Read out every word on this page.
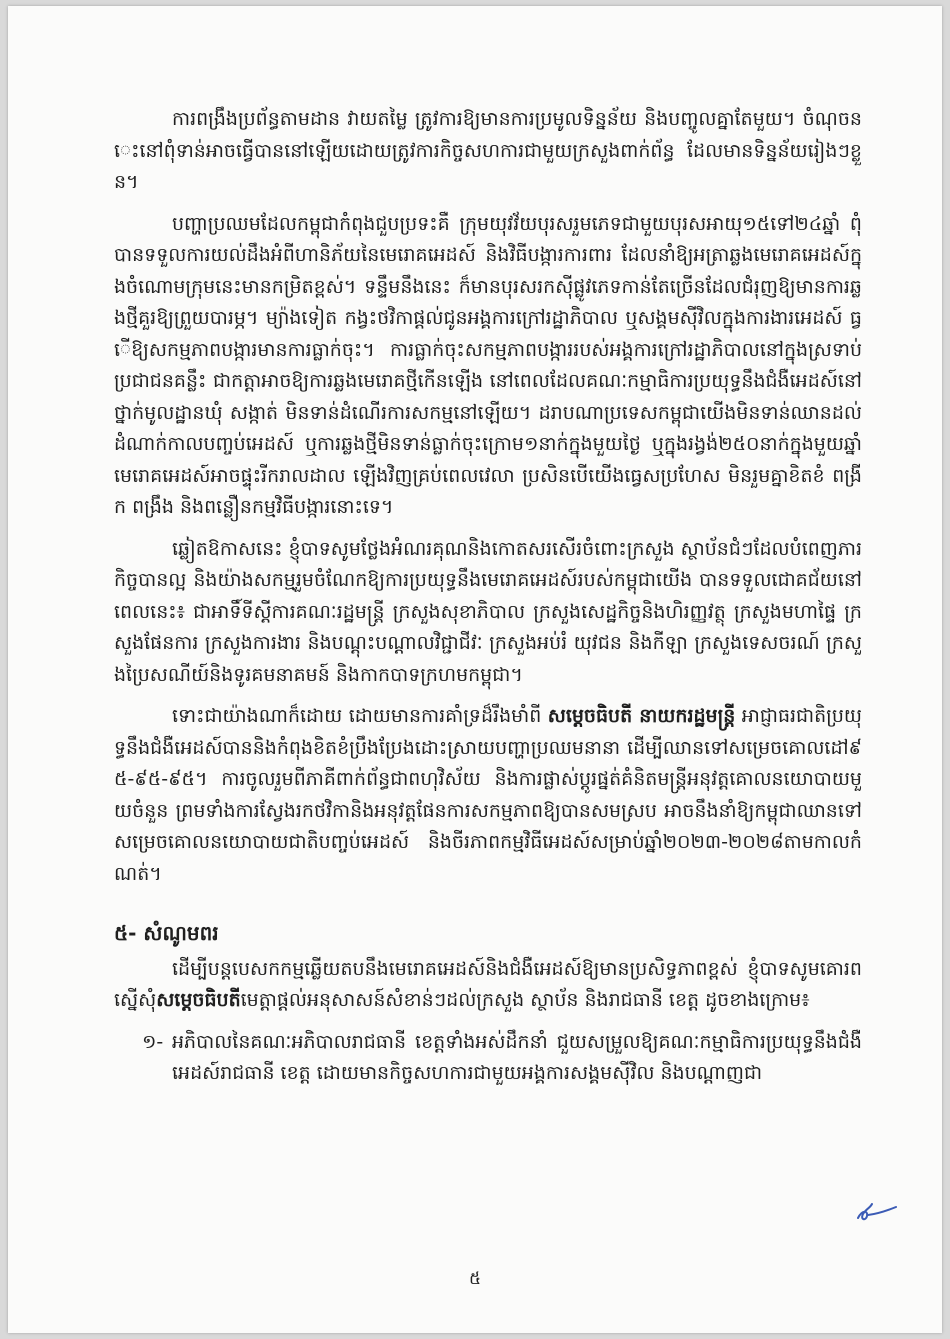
ការពង្រឹងប្រព័ន្ធតាមដាន វាយតម្លៃ ត្រូវការឱ្យមានការប្រមូលទិន្នន័យ និងបញ្ចូលគ្នាតែមួយ។ ចំណុចនេះនៅពុំទាន់អាចធ្វើបាននៅឡើយដោយត្រូវការកិច្ចសហការជាមួយក្រសួងពាក់ព័ន្ធ ដែលមានទិន្នន័យរៀងៗខ្លួន។

បញ្ហាប្រឈមដែលកម្ពុជាកំពុងជួបប្រទះគឺ ក្រុមយុវវ័យបុរសរួមភេទជាមួយបុរសអាយុ១៥ទៅ២៤ឆ្នាំ ពុំបានទទួលការយល់ដឹងអំពីហានិភ័យនៃមេរោគអេដស៍ និងវិធីបង្ការការពារ ដែលនាំឱ្យអត្រាឆ្លងមេរោគអេដស៍ក្នុងចំណោមក្រុមនេះមានកម្រិតខ្ពស់។ ទន្ទឹមនឹងនេះ ក៏មានបុរសរកស៊ីផ្លូវភេទកាន់តែច្រើនដែលជំរុញឱ្យមានការឆ្លងថ្មីគួរឱ្យព្រួយបារម្ភ។ ម្យ៉ាងទៀត កង្វះថវិកាផ្តល់ជូនអង្គការក្រៅរដ្ឋាភិបាល ឬសង្គមស៊ីវិលក្នុងការងារអេដស៍ ធ្វើឱ្យសកម្មភាពបង្ការមានការធ្លាក់ចុះ។ ការធ្លាក់ចុះសកម្មភាពបង្ការរបស់អង្គការក្រៅរដ្ឋាភិបាលនៅក្នុងស្រទាប់ប្រជាជនគន្លឹះ ជាកត្តាអាចឱ្យការឆ្លងមេរោគថ្មីកើនឡើង នៅពេលដែលគណៈកម្មាធិការប្រយុទ្ធនឹងជំងឺអេដស៍នៅថ្នាក់មូលដ្ឋានឃុំ សង្កាត់ មិនទាន់ដំណើរការសកម្មនៅឡើយ។ ដរាបណាប្រទេសកម្ពុជាយើងមិនទាន់ឈានដល់ដំណាក់កាលបញ្ចប់អេដស៍ ឬការឆ្លងថ្មីមិនទាន់ធ្លាក់ចុះក្រោម១នាក់ក្នុងមួយថ្ងៃ ឬក្នុងរង្វង់២៥០នាក់ក្នុងមួយឆ្នាំ មេរោគអេដស៍អាចផ្ទុះរីករាលដាល ឡើងវិញគ្រប់ពេលវេលា ប្រសិនបើយើងធ្វេសប្រហែស មិនរួមគ្នាខិតខំ ពង្រីក ពង្រឹង និងពន្លឿនកម្មវិធីបង្ការនោះទេ។

ឆ្លៀតឱកាសនេះ ខ្ញុំបាទសូមថ្លែងអំណរគុណនិងកោតសរសើរចំពោះក្រសួង ស្ថាប័នជំៗដែលបំពេញភារកិច្ចបានល្អ និងយ៉ាងសកម្មរួមចំណែកឱ្យការប្រយុទ្ធនឹងមេរោគអេដស៍របស់កម្ពុជាយើង បានទទួលជោគជ័យនៅពេលនេះ៖ ជាអាទិ៍ទីស្តីការគណៈរដ្ឋមន្ត្រី ក្រសួងសុខាភិបាល ក្រសួងសេដ្ឋកិច្ចនិងហិរញ្ញវត្ថុ ក្រសួងមហាផ្ទៃ ក្រសួងផែនការ ក្រសួងការងារ និងបណ្តុះបណ្តាលវិជ្ជាជីវៈ ក្រសួងអប់រំ យុវជន និងកីឡា ក្រសួងទេសចរណ៍ ក្រសួងប្រៃសណីយ៍និងទូរគមនាគមន៍ និងកាកបាទក្រហមកម្ពុជា។

ទោះជាយ៉ាងណាក៏ដោយ ដោយមានការគាំទ្រដ៏រឹងមាំពី សម្តេចធិបតី នាយករដ្ឋមន្ត្រី អាជ្ញាធរជាតិប្រយុទ្ធនឹងជំងឺអេដស៍បាននិងកំពុងខិតខំប្រឹងប្រែងដោះស្រាយបញ្ហាប្រឈមនានា ដើម្បីឈានទៅសម្រេចគោលដៅ៩៥-៩៥-៩៥។ ការចូលរួមពីភាគីពាក់ព័ន្ធជាពហុវិស័យ និងការផ្លាស់ប្តូរផ្នត់គំនិតមន្ត្រីអនុវត្តគោលនយោបាយមួយចំនួន ព្រមទាំងការស្វែងរកថវិកានិងអនុវត្តផែនការសកម្មភាពឱ្យបានសមស្រប អាចនឹងនាំឱ្យកម្ពុជាឈានទៅសម្រេចគោលនយោបាយជាតិបញ្ចប់អេដស៍ និងចីរភាពកម្មវិធីអេដស៍សម្រាប់ឆ្នាំ២០២៣-២០២៨តាមកាលកំណត់។

៥- សំណូមពរ

ដើម្បីបន្តបេសកកម្មឆ្លើយតបនឹងមេរោគអេដស៍និងជំងឺអេដស៍ឱ្យមានប្រសិទ្ធភាពខ្ពស់ ខ្ញុំបាទសូមគោរពស្នើសុំសម្តេចធិបតីមេត្តាផ្តល់អនុសាសន៍សំខាន់ៗដល់ក្រសួង ស្ថាប័ន និងរាជធានី ខេត្ត ដូចខាងក្រោម៖

១- អភិបាលនៃគណៈអភិបាលរាជធានី ខេត្តទាំងអស់ដឹកនាំ ជួយសម្រួលឱ្យគណៈកម្មាធិការប្រយុទ្ធនឹងជំងឺអេដស៍រាជធានី ខេត្ត ដោយមានកិច្ចសហការជាមួយអង្គការសង្គមស៊ីវិល និងបណ្តាញជា

៥
